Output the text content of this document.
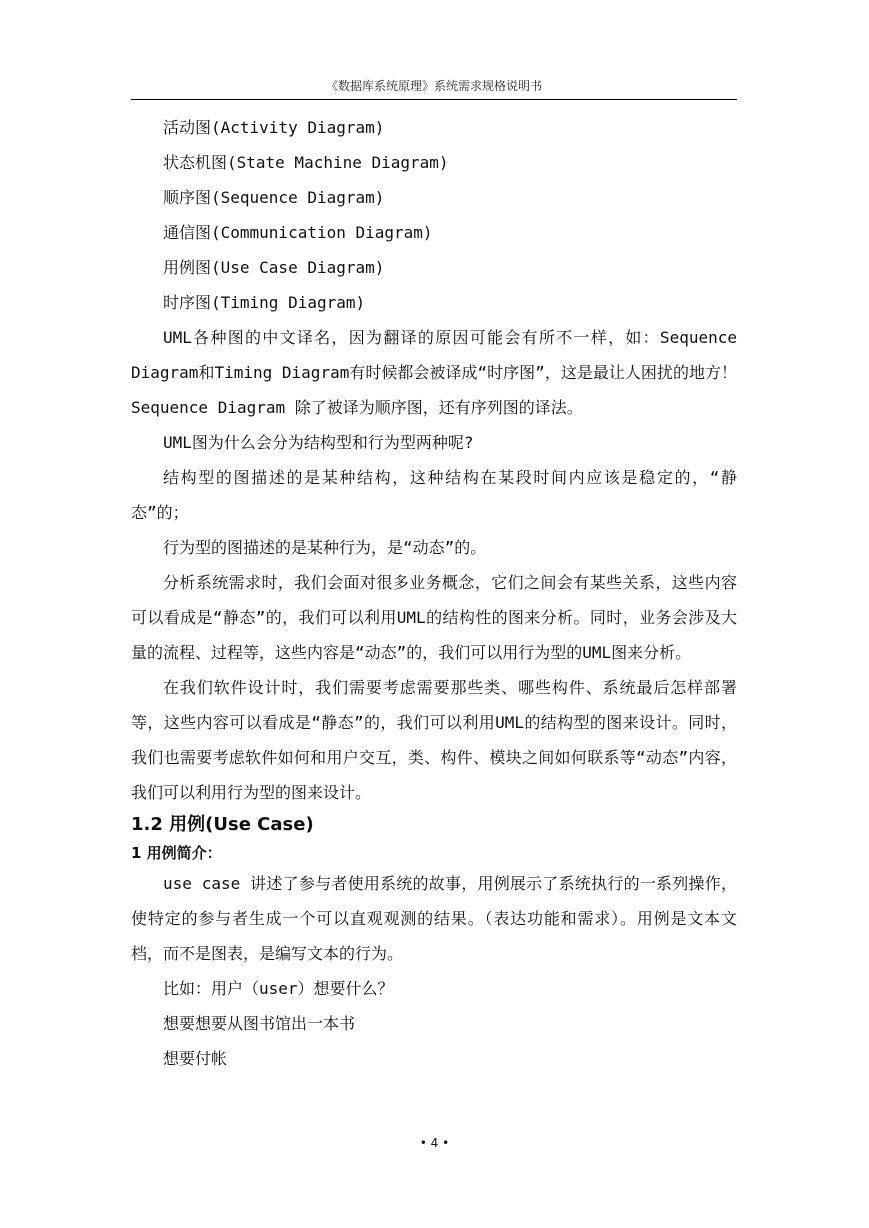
《数据库系统原理》系统需求规格说明书
活动图(Activity Diagram)
状态机图(State Machine Diagram)
顺序图(Sequence Diagram)
通信图(Communication Diagram)
用例图(Use Case Diagram)
时序图(Timing Diagram)
UML各种图的中文译名，因为翻译的原因可能会有所不一样，如：Sequence Diagram和Timing Diagram有时候都会被译成“时序图”，这是最让人困扰的地方！Sequence Diagram 除了被译为顺序图，还有序列图的译法。
UML图为什么会分为结构型和行为型两种呢?
结构型的图描述的是某种结构，这种结构在某段时间内应该是稳定的，“静态”的；
行为型的图描述的是某种行为，是“动态”的。
分析系统需求时，我们会面对很多业务概念，它们之间会有某些关系，这些内容可以看成是“静态”的，我们可以利用UML的结构性的图来分析。同时，业务会涉及大量的流程、过程等，这些内容是“动态”的，我们可以用行为型的UML图来分析。
在我们软件设计时，我们需要考虑需要那些类、哪些构件、系统最后怎样部署等，这些内容可以看成是“静态”的，我们可以利用UML的结构型的图来设计。同时，我们也需要考虑软件如何和用户交互，类、构件、模块之间如何联系等“动态”内容，我们可以利用行为型的图来设计。
1.2 用例(Use Case)
1 用例简介：
use case 讲述了参与者使用系统的故事，用例展示了系统执行的一系列操作，使特定的参与者生成一个可以直观观测的结果。（表达功能和需求）。用例是文本文档，而不是图表，是编写文本的行为。
比如：用户（user）想要什么？
想要想要从图书馆出一本书
想要付帐
• 4 •
